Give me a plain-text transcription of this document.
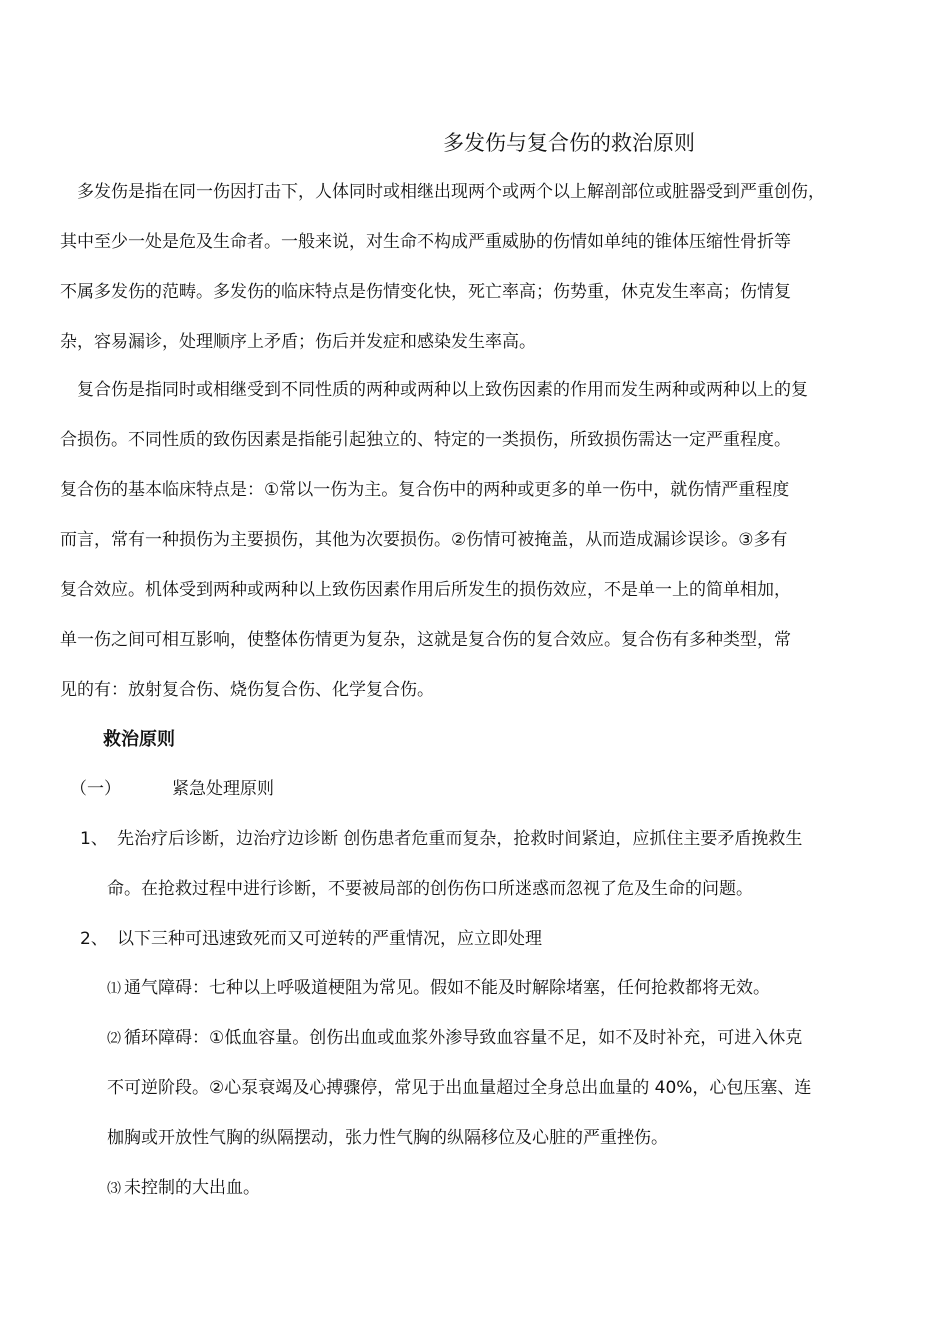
多发伤与复合伤的救治原则
多发伤是指在同一伤因打击下，人体同时或相继出现两个或两个以上解剖部位或脏器受到严重创伤，
其中至少一处是危及生命者。一般来说，对生命不构成严重威胁的伤情如单纯的锥体压缩性骨折等
不属多发伤的范畴。多发伤的临床特点是伤情变化快，死亡率高；伤势重，休克发生率高；伤情复
杂，容易漏诊，处理顺序上矛盾；伤后并发症和感染发生率高。
复合伤是指同时或相继受到不同性质的两种或两种以上致伤因素的作用而发生两种或两种以上的复
合损伤。不同性质的致伤因素是指能引起独立的、特定的一类损伤，所致损伤需达一定严重程度。
复合伤的基本临床特点是：①常以一伤为主。复合伤中的两种或更多的单一伤中，就伤情严重程度
而言，常有一种损伤为主要损伤，其他为次要损伤。②伤情可被掩盖，从而造成漏诊误诊。③多有
复合效应。机体受到两种或两种以上致伤因素作用后所发生的损伤效应，不是单一上的简单相加，
单一伤之间可相互影响，使整体伤情更为复杂，这就是复合伤的复合效应。复合伤有多种类型，常
见的有：放射复合伤、烧伤复合伤、化学复合伤。
救治原则
（一）	紧急处理原则
1、 先治疗后诊断，边治疗边诊断 创伤患者危重而复杂，抢救时间紧迫，应抓住主要矛盾挽救生
命。在抢救过程中进行诊断，不要被局部的创伤伤口所迷惑而忽视了危及生命的问题。
2、 以下三种可迅速致死而又可逆转的严重情况，应立即处理
⑴ 通气障碍：七种以上呼吸道梗阻为常见。假如不能及时解除堵塞，任何抢救都将无效。
⑵ 循环障碍：①低血容量。创伤出血或血浆外渗导致血容量不足，如不及时补充，可进入休克
不可逆阶段。②心泵衰竭及心搏骤停，常见于出血量超过全身总出血量的 40%，心包压塞、连
枷胸或开放性气胸的纵隔摆动，张力性气胸的纵隔移位及心脏的严重挫伤。
⑶ 未控制的大出血。
